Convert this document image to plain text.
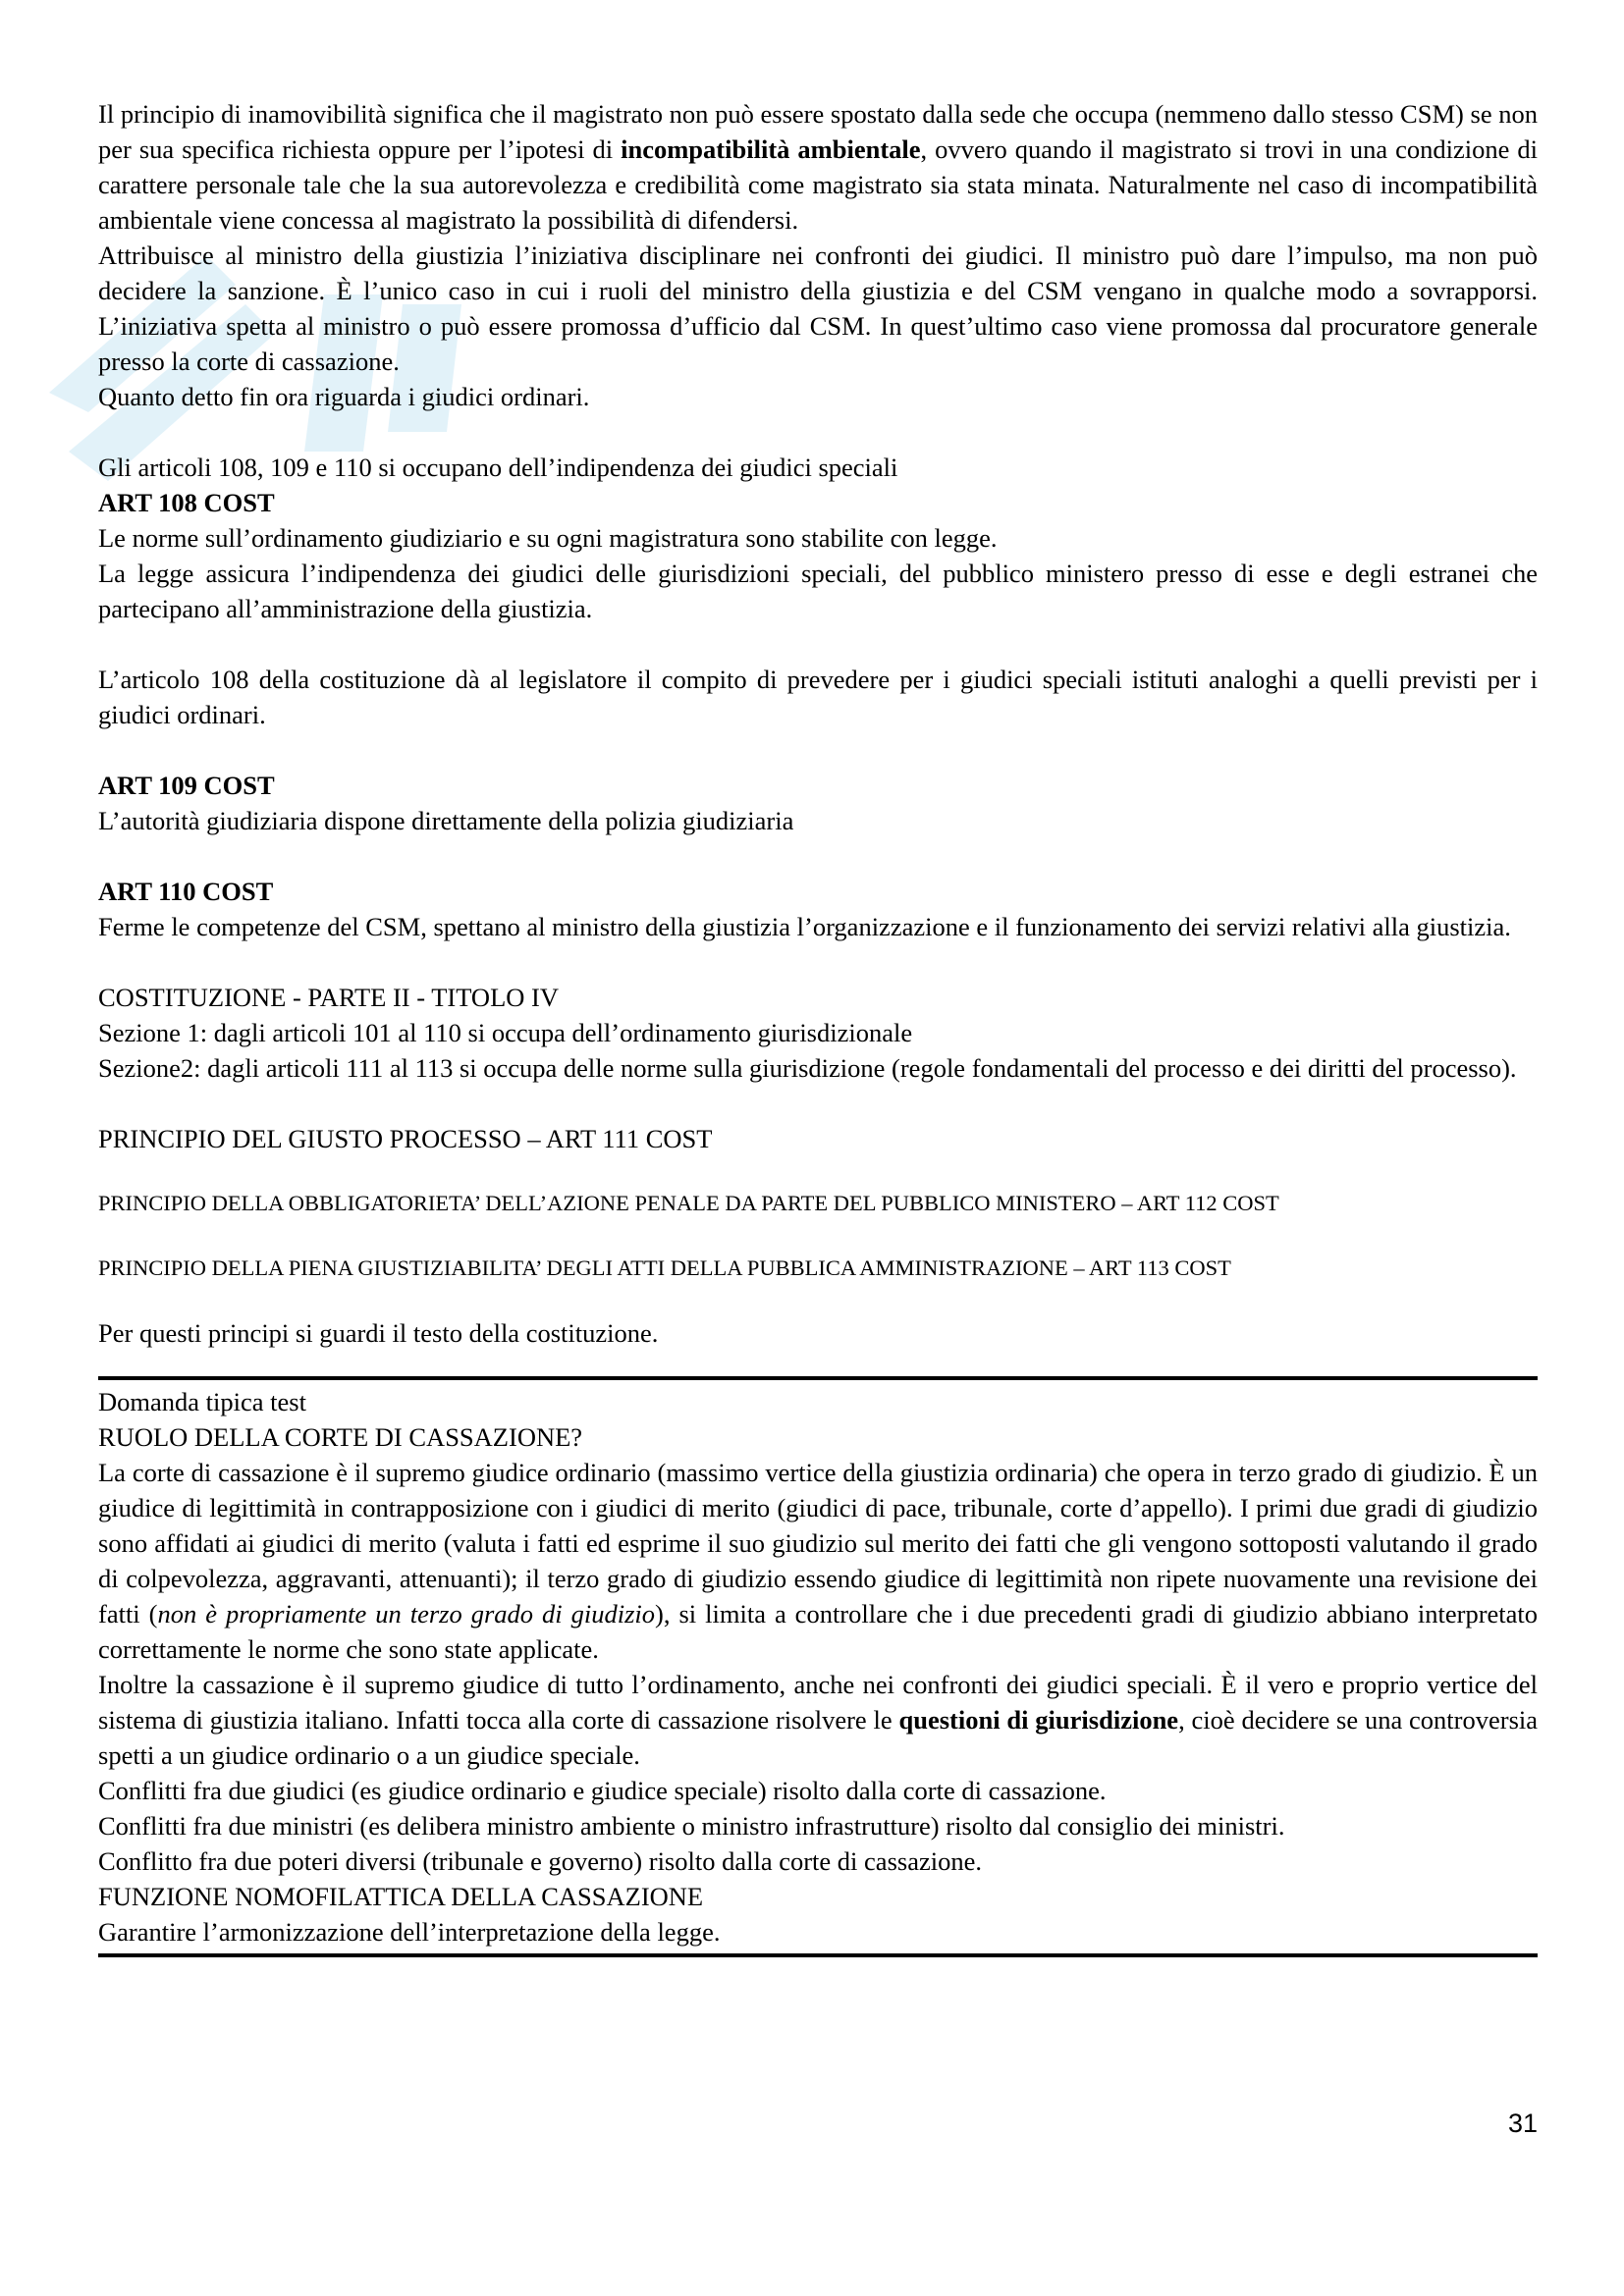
Il principio di inamovibilità significa che il magistrato non può essere spostato dalla sede che occupa (nemmeno dallo stesso CSM) se non per sua specifica richiesta oppure per l’ipotesi di incompatibilità ambientale, ovvero quando il magistrato si trovi in una condizione di carattere personale tale che la sua autorevolezza e credibilità come magistrato sia stata minata. Naturalmente nel caso di incompatibilità ambientale viene concessa al magistrato la possibilità di difendersi.

Attribuisce al ministro della giustizia l’iniziativa disciplinare nei confronti dei giudici. Il ministro può dare l’impulso, ma non può decidere la sanzione. È l’unico caso in cui i ruoli del ministro della giustizia e del CSM vengano in qualche modo a sovrapporsi. L’iniziativa spetta al ministro o può essere promossa d’ufficio dal CSM. In quest’ultimo caso viene promossa dal procuratore generale presso la corte di cassazione.

Quanto detto fin ora riguarda i giudici ordinari.

Gli articoli 108, 109 e 110 si occupano dell’indipendenza dei giudici speciali

ART 108 COST

Le norme sull’ordinamento giudiziario e su ogni magistratura sono stabilite con legge.

La legge assicura l’indipendenza dei giudici delle giurisdizioni speciali, del pubblico ministero presso di esse e degli estranei che partecipano all’amministrazione della giustizia.

L’articolo 108 della costituzione dà al legislatore il compito di prevedere per i giudici speciali istituti analoghi a quelli previsti per i giudici ordinari.

ART 109 COST

L’autorità giudiziaria dispone direttamente della polizia giudiziaria

ART 110 COST

Ferme le competenze del CSM, spettano al ministro della giustizia l’organizzazione e il funzionamento dei servizi relativi alla giustizia.

COSTITUZIONE - PARTE II - TITOLO IV

Sezione 1: dagli articoli 101 al 110 si occupa dell’ordinamento giurisdizionale

Sezione2: dagli articoli 111 al 113 si occupa delle norme sulla giurisdizione (regole fondamentali del processo e dei diritti del processo).

PRINCIPIO DEL GIUSTO PROCESSO – ART 111 COST

PRINCIPIO DELLA OBBLIGATORIETA’ DELL’AZIONE PENALE DA PARTE DEL PUBBLICO MINISTERO – ART 112 COST

PRINCIPIO DELLA PIENA GIUSTIZIABILITA’ DEGLI ATTI DELLA PUBBLICA AMMINISTRAZIONE – ART 113 COST

Per questi principi si guardi il testo della costituzione.

Domanda tipica test

RUOLO DELLA CORTE DI CASSAZIONE?

La corte di cassazione è il supremo giudice ordinario (massimo vertice della giustizia ordinaria) che opera in terzo grado di giudizio. È un giudice di legittimità in contrapposizione con i giudici di merito (giudici di pace, tribunale, corte d’appello). I primi due gradi di giudizio sono affidati ai giudici di merito (valuta i fatti ed esprime il suo giudizio sul merito dei fatti che gli vengono sottoposti valutando il grado di colpevolezza, aggravanti, attenuanti); il terzo grado di giudizio essendo giudice di legittimità non ripete nuovamente una revisione dei fatti (non è propriamente un terzo grado di giudizio), si limita a controllare che i due precedenti gradi di giudizio abbiano interpretato correttamente le norme che sono state applicate.

Inoltre la cassazione è il supremo giudice di tutto l’ordinamento, anche nei confronti dei giudici speciali. È il vero e proprio vertice del sistema di giustizia italiano. Infatti tocca alla corte di cassazione risolvere le questioni di giurisdizione, cioè decidere se una controversia spetti a un giudice ordinario o a un giudice speciale.

Conflitti fra due giudici (es giudice ordinario e giudice speciale) risolto dalla corte di cassazione.

Conflitti fra due ministri (es delibera ministro ambiente o ministro infrastrutture) risolto dal consiglio dei ministri.

Conflitto fra due poteri diversi (tribunale e governo) risolto dalla corte di cassazione.

FUNZIONE NOMOFILATTICA DELLA CASSAZIONE

Garantire l’armonizzazione dell’interpretazione della legge.

31
